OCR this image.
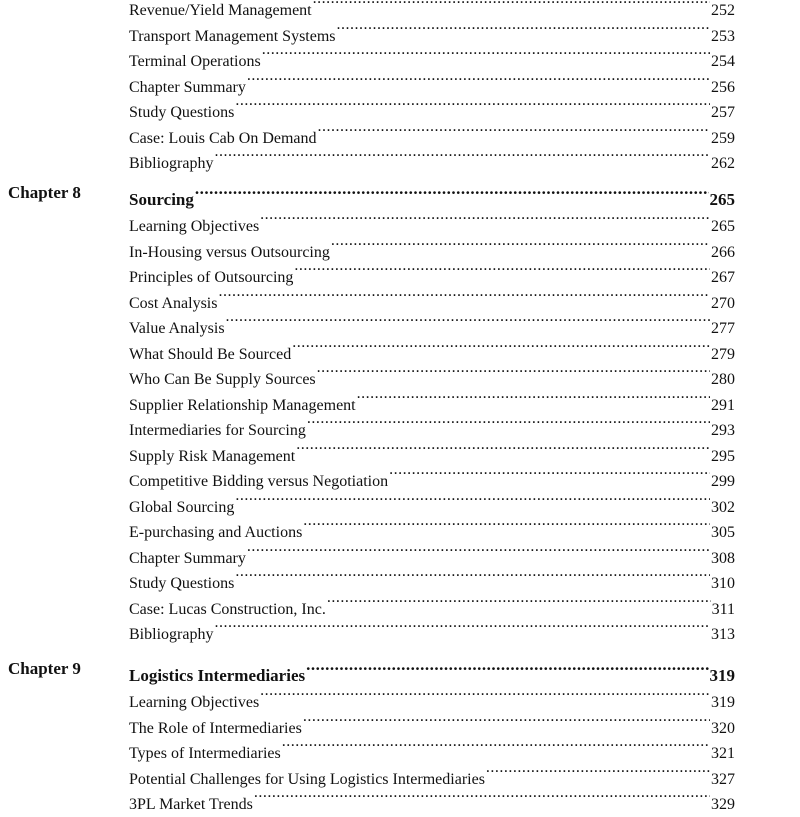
Revenue/Yield Management .....	252
Transport Management Systems .....	253
Terminal Operations .....	254
Chapter Summary .....	256
Study Questions .....	257
Case: Louis Cab On Demand .....	259
Bibliography .....	262
Chapter 8	Sourcing .....	265
Learning Objectives .....	265
In-Housing versus Outsourcing .....	266
Principles of Outsourcing .....	267
Cost Analysis .....	270
Value Analysis .....	277
What Should Be Sourced .....	279
Who Can Be Supply Sources .....	280
Supplier Relationship Management .....	291
Intermediaries for Sourcing .....	293
Supply Risk Management .....	295
Competitive Bidding versus Negotiation .....	299
Global Sourcing .....	302
E-purchasing and Auctions .....	305
Chapter Summary .....	308
Study Questions .....	310
Case: Lucas Construction, Inc. .....	311
Bibliography .....	313
Chapter 9	Logistics Intermediaries .....	319
Learning Objectives .....	319
The Role of Intermediaries .....	320
Types of Intermediaries .....	321
Potential Challenges for Using Logistics Intermediaries .....	327
3PL Market Trends .....	329
